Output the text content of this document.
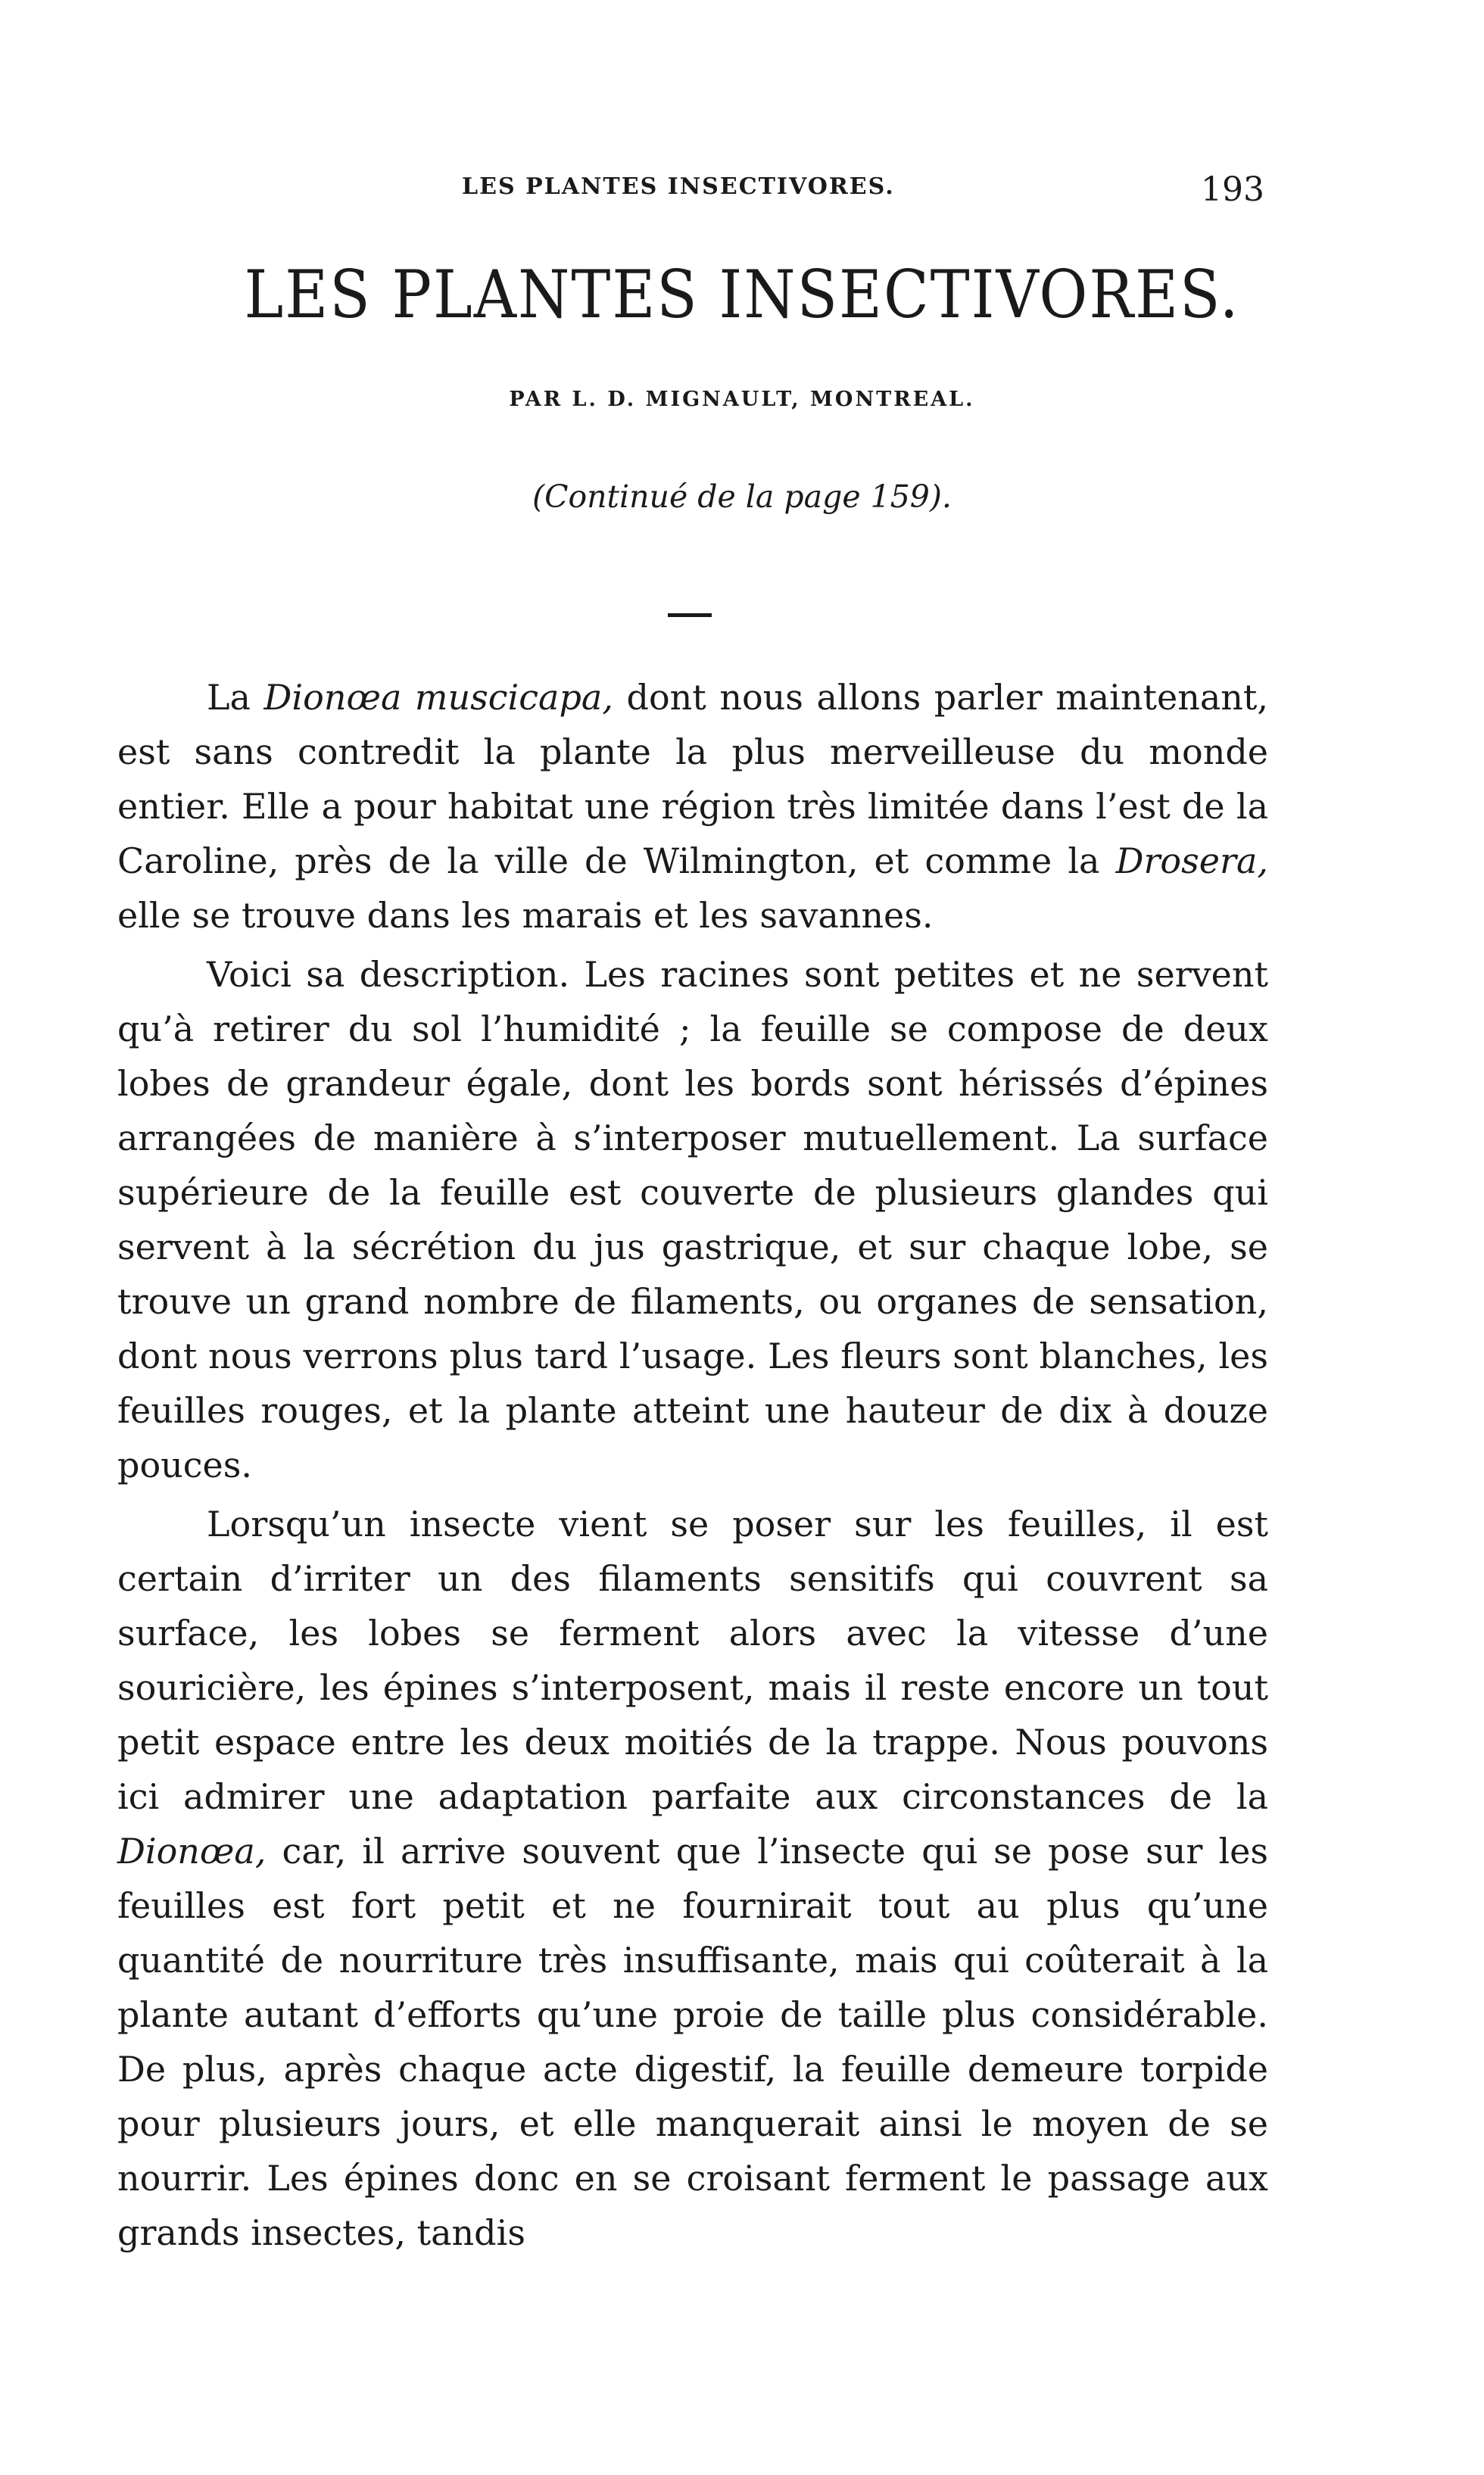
LES PLANTES INSECTIVORES.	193
LES PLANTES INSECTIVORES.
PAR L. D. MIGNAULT, MONTREAL.
(Continué de la page 159).

La Dionœa muscicapa, dont nous allons parler maintenant, est sans contredit la plante la plus merveilleuse du monde entier. Elle a pour habitat une région très limitée dans l’est de la Caroline, près de la ville de Wilmington, et comme la Drosera, elle se trouve dans les marais et les savannes.

Voici sa description. Les racines sont petites et ne servent qu’à retirer du sol l’humidité ; la feuille se compose de deux lobes de grandeur égale, dont les bords sont hérissés d’épines arrangées de manière à s’interposer mutuellement. La surface supérieure de la feuille est couverte de plusieurs glandes qui servent à la sécrétion du jus gastrique, et sur chaque lobe, se trouve un grand nombre de filaments, ou organes de sensation, dont nous verrons plus tard l’usage. Les fleurs sont blanches, les feuilles rouges, et la plante atteint une hauteur de dix à douze pouces.

Lorsqu’un insecte vient se poser sur les feuilles, il est certain d’irriter un des filaments sensitifs qui couvrent sa surface, les lobes se ferment alors avec la vitesse d’une souricière, les épines s’interposent, mais il reste encore un tout petit espace entre les deux moitiés de la trappe. Nous pouvons ici admirer une adaptation parfaite aux circonstances de la Dionœa, car, il arrive souvent que l’insecte qui se pose sur les feuilles est fort petit et ne fournirait tout au plus qu’une quantité de nourriture très insuffisante, mais qui coûterait à la plante autant d’efforts qu’une proie de taille plus considérable. De plus, après chaque acte digestif, la feuille demeure torpide pour plusieurs jours, et elle manquerait ainsi le moyen de se nourrir. Les épines donc en se croisant ferment le passage aux grands insectes, tandis
